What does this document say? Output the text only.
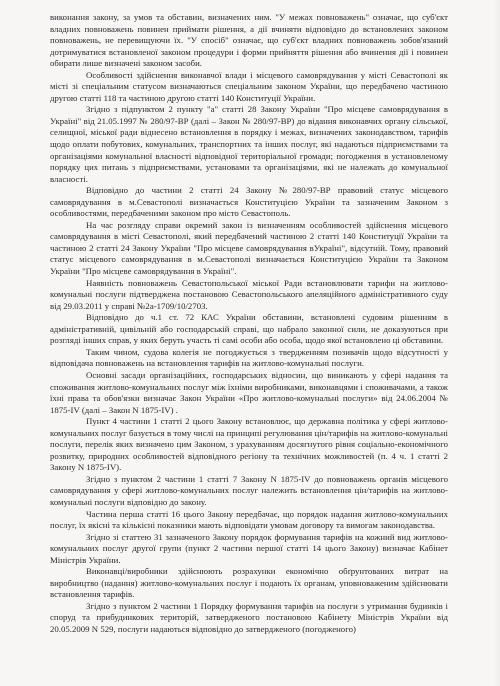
виконання закону, за умов та обставин, визначених ним. "У межах повноважень" означає, що суб'єкт владних повноважень повинен приймати рішення, а дії вчиняти відповідно до встановлених законом повноважень, не перевищуючи їх. "У спосіб" означає, що суб'єкт владних повноважень зобов'язаний дотримуватися встановленої законом процедури і форми прийняття рішення або вчинення дії і повинен обирати лише визначені законом засоби.

Особливості здійснення виконавчої влади і місцевого самоврядування у місті Севастополі як місті зі спеціальним статусом визначаються спеціальним законом України, що передбачено частиною другою статті 118 та частиною другою статті 140 Конституції України.

Згідно з підпунктом 2 пункту "а" статті 28 Закону України "Про місцеве самоврядування в Україні" від 21.05.1997 № 280/97-ВР (далі – Закон № 280/97-ВР) до відання виконавчих органу сільської, селищної, міської ради віднесено встановлення в порядку і межах, визначених законодавством, тарифів щодо оплати побутових, комунальних, транспортних та інших послуг, які надаються підприємствами та організаціями комунальної власності відповідної територіальної громади; погодження в установленому порядку цих питань з підприємствами, установами та організаціями, які не належать до комунальної власності.

Відповідно до частини 2 статті 24 Закону №280/97-ВР правовий статус місцевого самоврядування в м.Севастополі визначається Конституцією України та зазначеним Законом з особливостями, передбаченими законом про місто Севастополь.

На час розгляду справи окремий закон із визначенням особливостей здійснення місцевого самоврядування в місті Севастополі, який передбачений частиною 2 статті 140 Конституції України та частиною 2 статті 24 Закону України "Про місцеве самоврядування вУкраїні", відсутній. Тому, правовий статус місцевого самоврядування в м.Севастополі визначається Конституцією України та Законом України "Про місцеве самоврядування в Україні".

Наявність повноважень Севастопольської міської Ради встановлювати тарифи на житлово-комунальні послуги підтверджена постановою Севастопольського апеляційного адміністративного суду від 29.03.2011 у справі №2а-1709/10/2703.

Відповідно до ч.1 ст. 72 КАС України обставини, встановлені судовим рішенням в адміністративній, цивільній або господарській справі, що набрало законної сили, не доказуються при розгляді інших справ, у яких беруть участь ті самі особи або особа, щодо якої встановлено ці обставини.

Таким чином, судова колегія не погоджується з твердженням позивачів щодо відсутності у відповідача повноважень на встановлення тарифів на житлово-комунальні послуги.

Основні засади організаційних, господарських відносин, що виникають у сфері надання та споживання житлово-комунальних послуг між їхніми виробниками, виконавцями і споживачами, а також їхні права та обов'язки визначає Закон України «Про житлово-комунальні послуги» від 24.06.2004 № 1875-IV (далі – Закон N 1875-IV) .

Пункт 4 частини 1 статті 2 цього Закону встановлює, що державна політика у сфері житлово-комунальних послуг базується в тому числі на принципі регулювання цін/тарифів на житлово-комунальні послуги, перелік яких визначено цим Законом, з урахуванням досягнутого рівня соціально-економічного розвитку, природних особливостей відповідного регіону та технічних можливостей (п. 4 ч. 1 статті 2 Закону N 1875-IV).

Згідно з пунктом 2 частини 1 статті 7 Закону N 1875-IV до повноважень органів місцевого самоврядування у сфері житлово-комунальних послуг належить встановлення цін/тарифів на житлово-комунальні послуги відповідно до закону.

Частина перша статті 16 цього Закону передбачає, що порядок надання житлово-комунальних послуг, їх якісні та кількісні показники мають відповідати умовам договору та вимогам законодавства.

Згідно зі статтею 31 зазначеного Закону порядок формування тарифів на кожний вид житлово-комунальних послуг другої групи (пункт 2 частини першої статті 14 цього Закону) визначає Кабінет Міністрів України.

Виконавці/виробники здійснюють розрахунки економічно обґрунтованих витрат на виробництво (надання) житлово-комунальних послуг і подають їх органам, уповноваженим здійснювати встановлення тарифів.

Згідно з пунктом 2 частини 1 Порядку формування тарифів на послуги з утримання будинків і споруд та прибудинкових територій, затвердженого постановою Кабінету Міністрів України від 20.05.2009 N 529, послуги надаються відповідно до затвердженого (погодженого)
